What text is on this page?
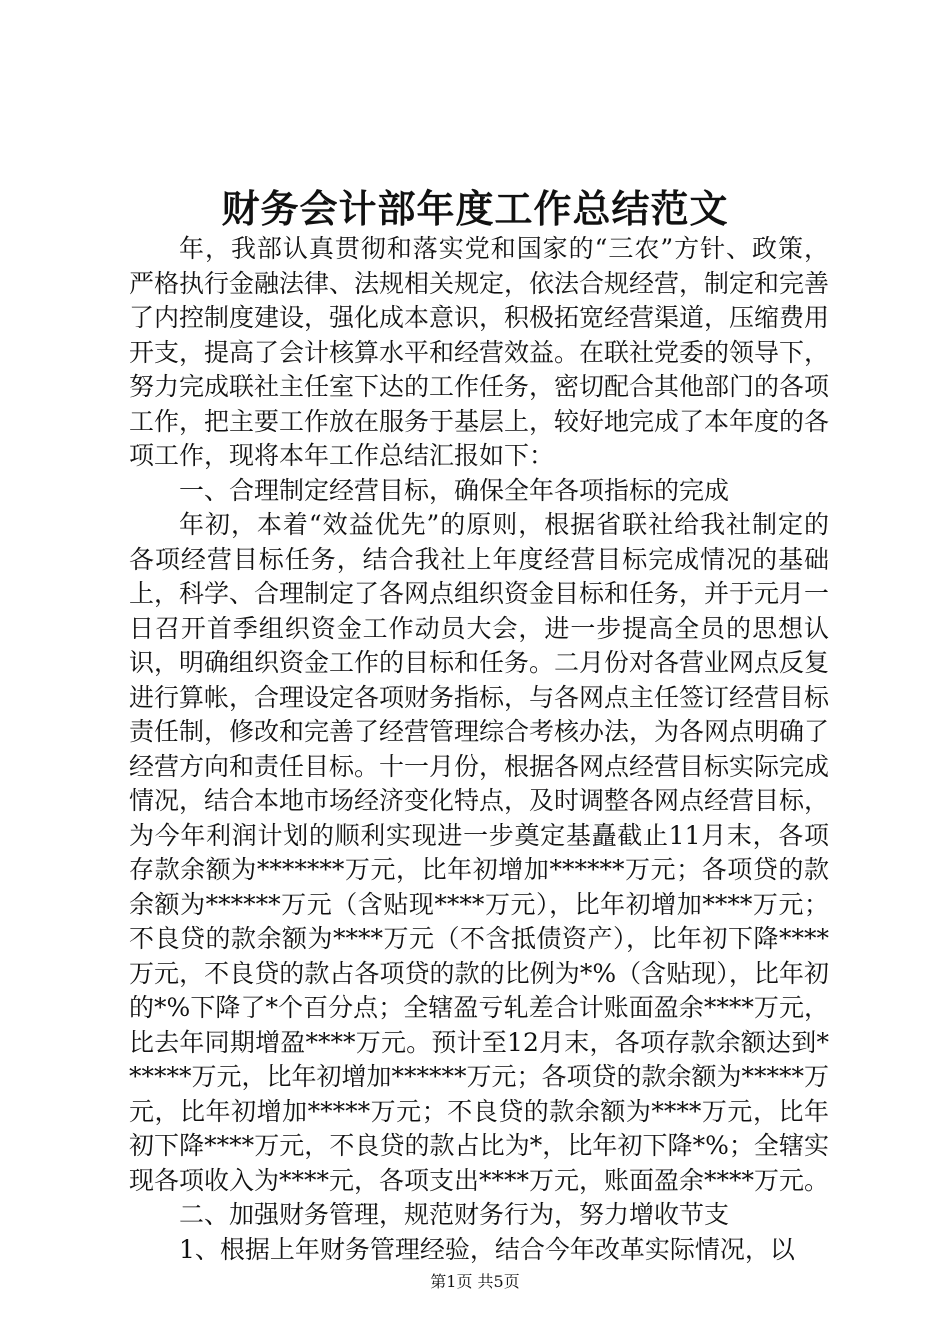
财务会计部年度工作总结范文

年，我部认真贯彻和落实党和国家的“三农”方针、政策，严格执行金融法律、法规相关规定，依法合规经营，制定和完善了内控制度建设，强化成本意识，积极拓宽经营渠道，压缩费用开支，提高了会计核算水平和经营效益。在联社党委的领导下，努力完成联社主任室下达的工作任务，密切配合其他部门的各项工作，把主要工作放在服务于基层上，较好地完成了本年度的各项工作，现将本年工作总结汇报如下：

一、合理制定经营目标，确保全年各项指标的完成

年初，本着“效益优先”的原则，根据省联社给我社制定的各项经营目标任务，结合我社上年度经营目标完成情况的基础上，科学、合理制定了各网点组织资金目标和任务，并于元月一日召开首季组织资金工作动员大会，进一步提高全员的思想认识，明确组织资金工作的目标和任务。二月份对各营业网点反复进行算帐，合理设定各项财务指标，与各网点主任签订经营目标责任制，修改和完善了经营管理综合考核办法，为各网点明确了经营方向和责任目标。十一月份，根据各网点经营目标实际完成情况，结合本地市场经济变化特点，及时调整各网点经营目标，为今年利润计划的顺利实现进一步奠定基矗截止11月末，各项存款余额为*******万元，比年初增加******万元；各项贷的款余额为******万元（含贴现****万元），比年初增加****万元；不良贷的款余额为****万元（不含抵债资产），比年初下降****万元，不良贷的款占各项贷的款的比例为*%（含贴现），比年初的*%下降了*个百分点；全辖盈亏轧差合计账面盈余****万元，比去年同期增盈****万元。预计至12月末，各项存款余额达到******万元，比年初增加******万元；各项贷的款余额为*****万元，比年初增加*****万元；不良贷的款余额为****万元，比年初下降****万元，不良贷的款占比为*，比年初下降*%；全辖实现各项收入为****元，各项支出****万元，账面盈余****万元。

二、加强财务管理，规范财务行为，努力增收节支

1、根据上年财务管理经验，结合今年改革实际情况，以

第1页 共5页
